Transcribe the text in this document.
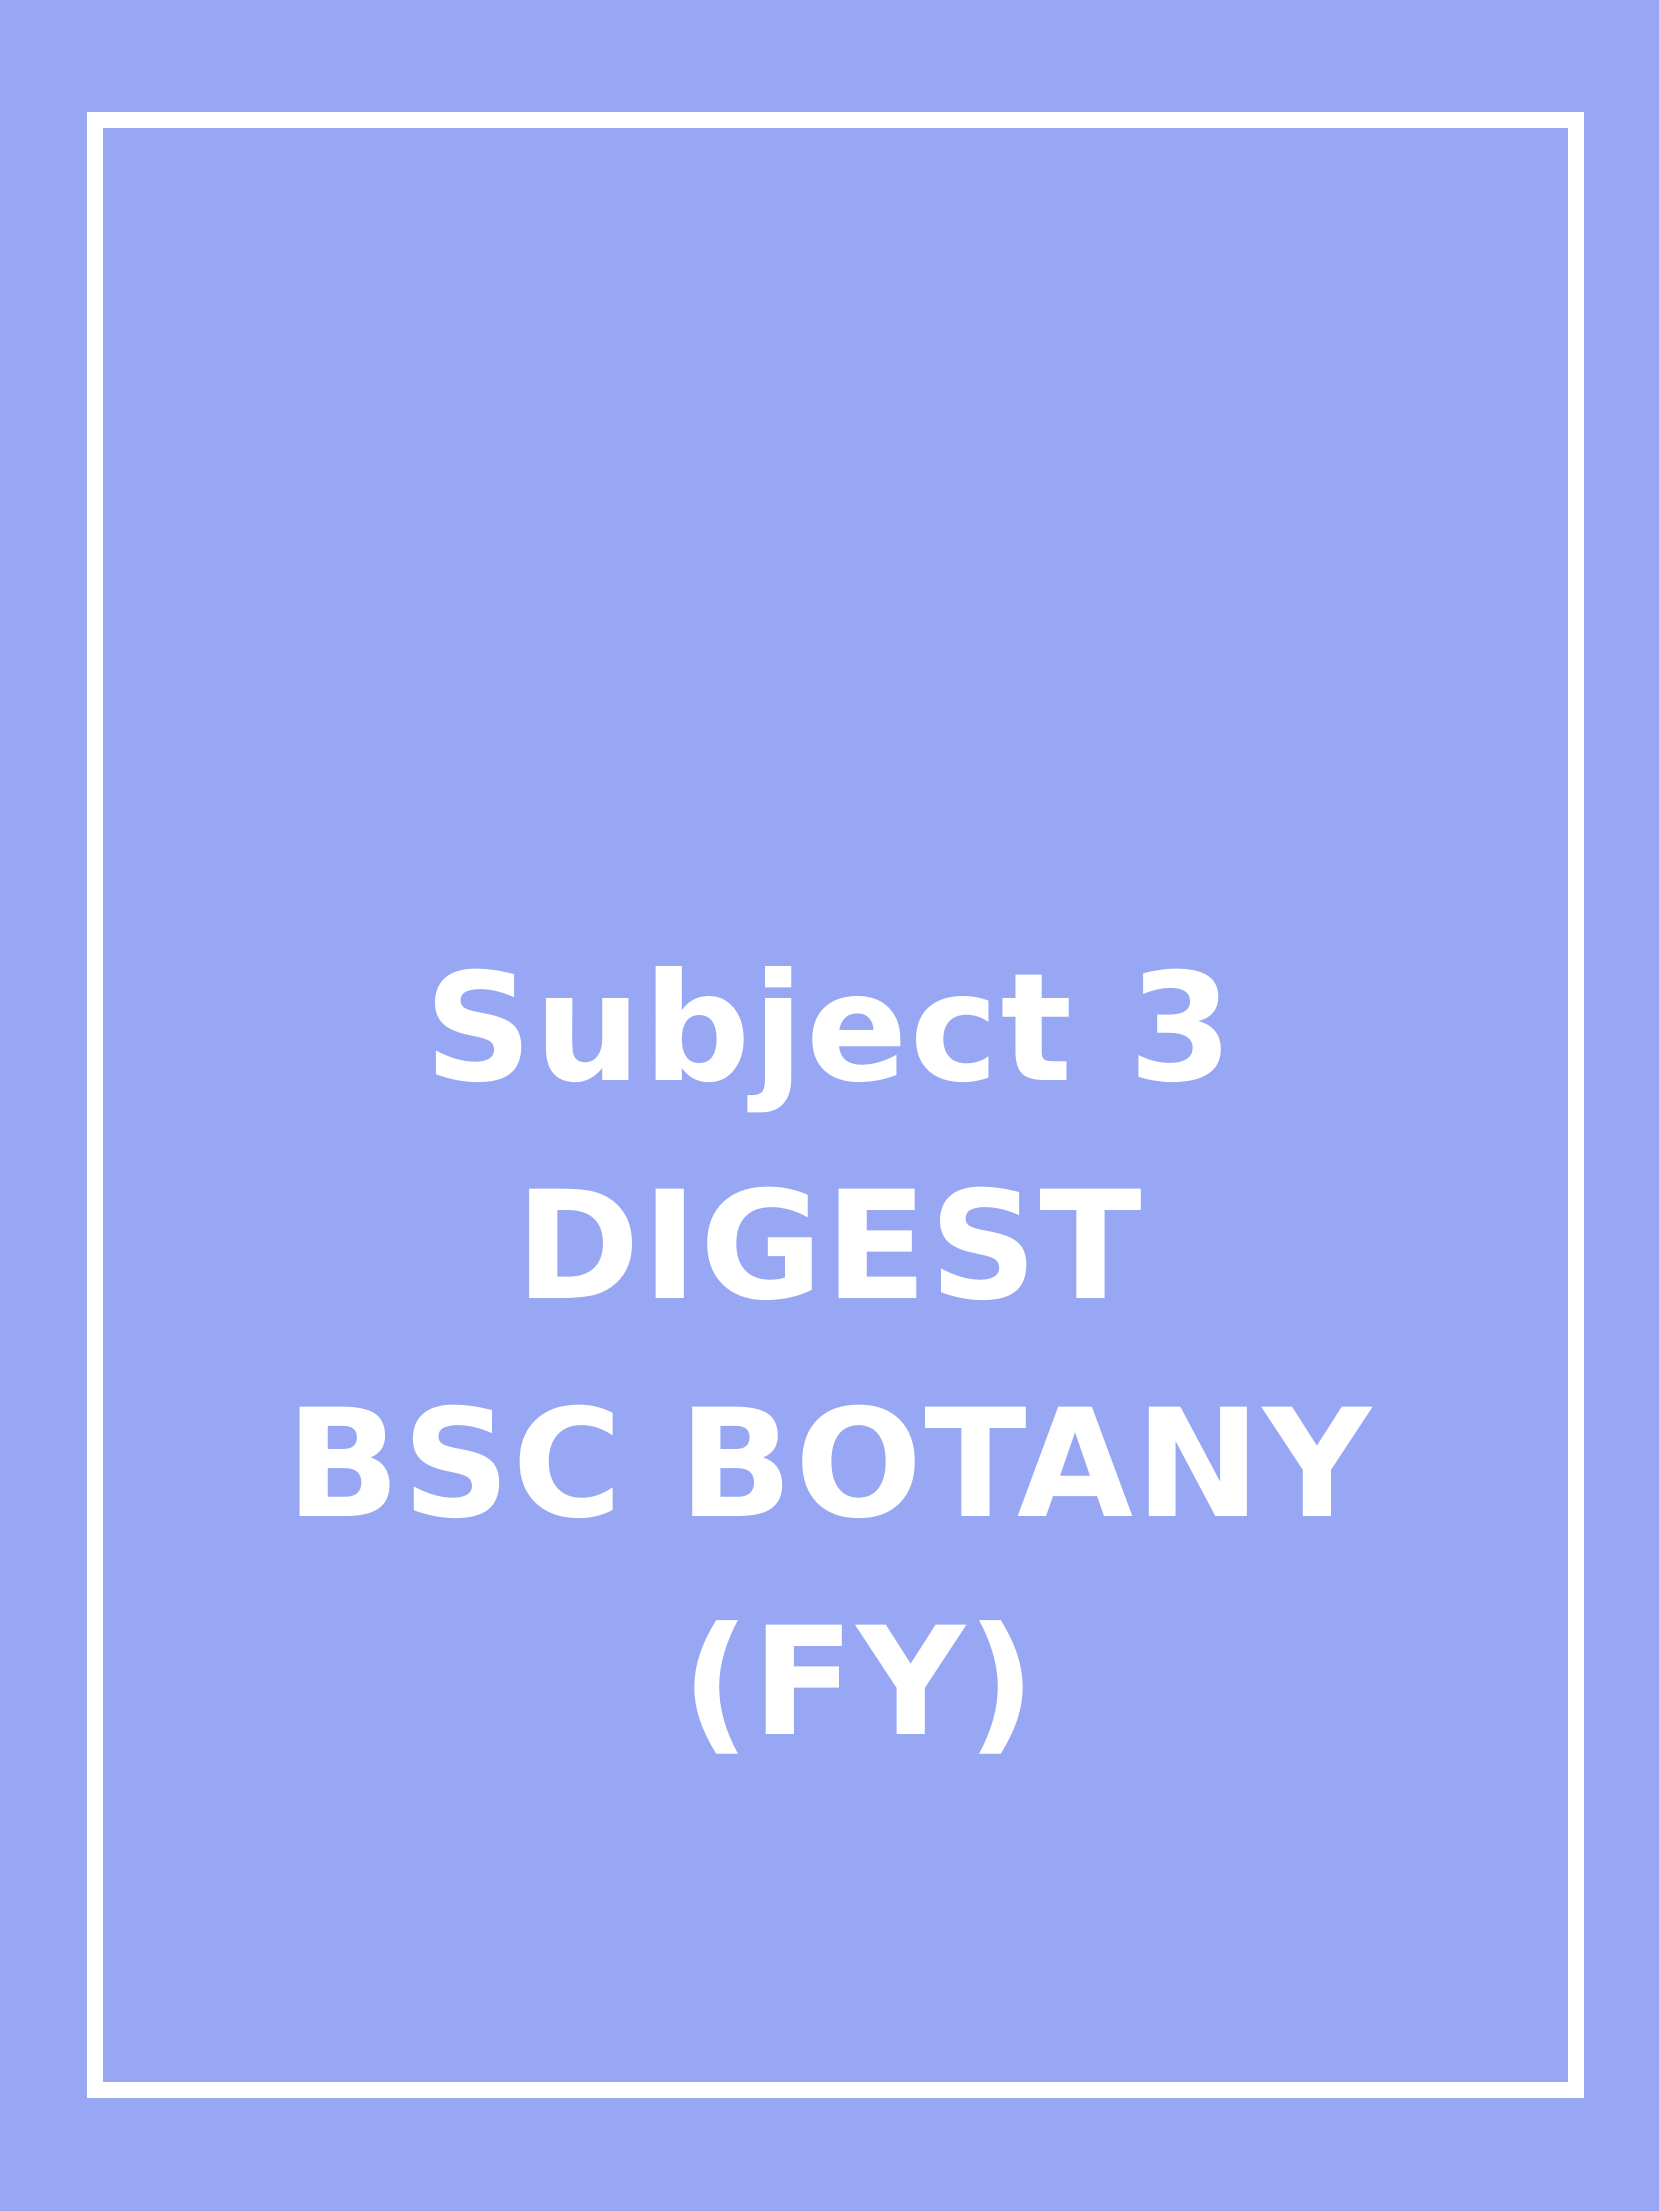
Subject 3
DIGEST
BSC BOTANY
(FY)
